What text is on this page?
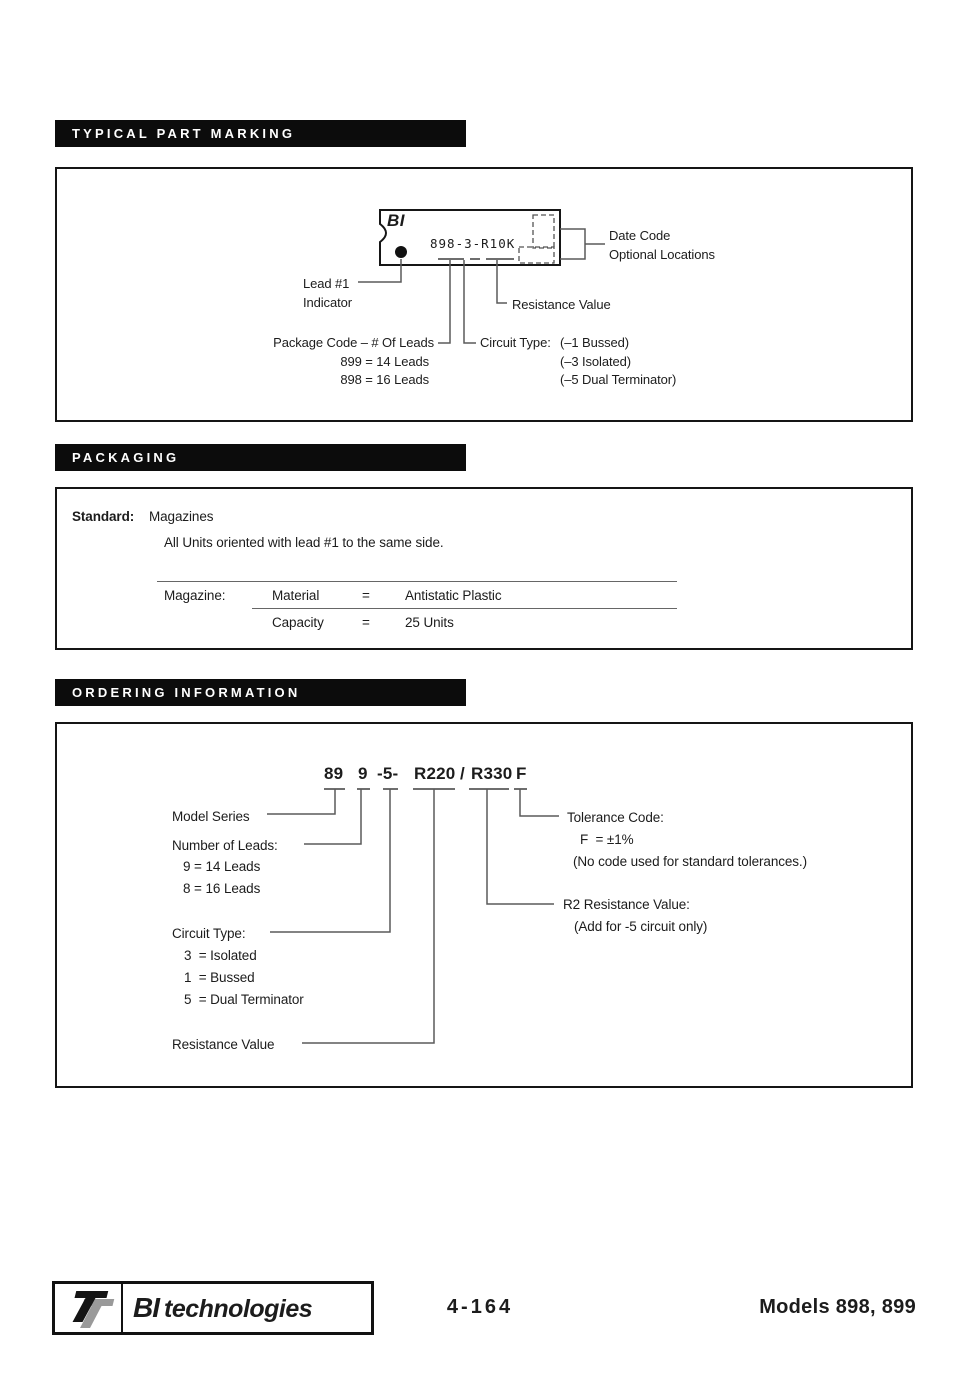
TYPICAL PART MARKING
BI
898-3-R10K
Date Code
Optional Locations
Lead #1
Indicator
Package Code – # Of Leads
899 = 14 Leads
898 = 16 Leads
Circuit Type: (–1 Bussed)
(–3 Isolated)
(–5 Dual Terminator)
Resistance Value
PACKAGING
Standard: Magazines
All Units oriented with lead #1 to the same side.
Magazine:	Material	=	Antistatic Plastic
Capacity	=	25 Units
ORDERING INFORMATION
89 9 -5- R220 / R330 F
Model Series
Number of Leads:
9 = 14 Leads
8 = 16 Leads
Circuit Type:
3  = Isolated
1  = Bussed
5  = Dual Terminator
Resistance Value
Tolerance Code:
F  = ±1%
(No code used for standard tolerances.)
R2 Resistance Value:
(Add for -5 circuit only)
BI technologies	4-164	Models 898, 899
